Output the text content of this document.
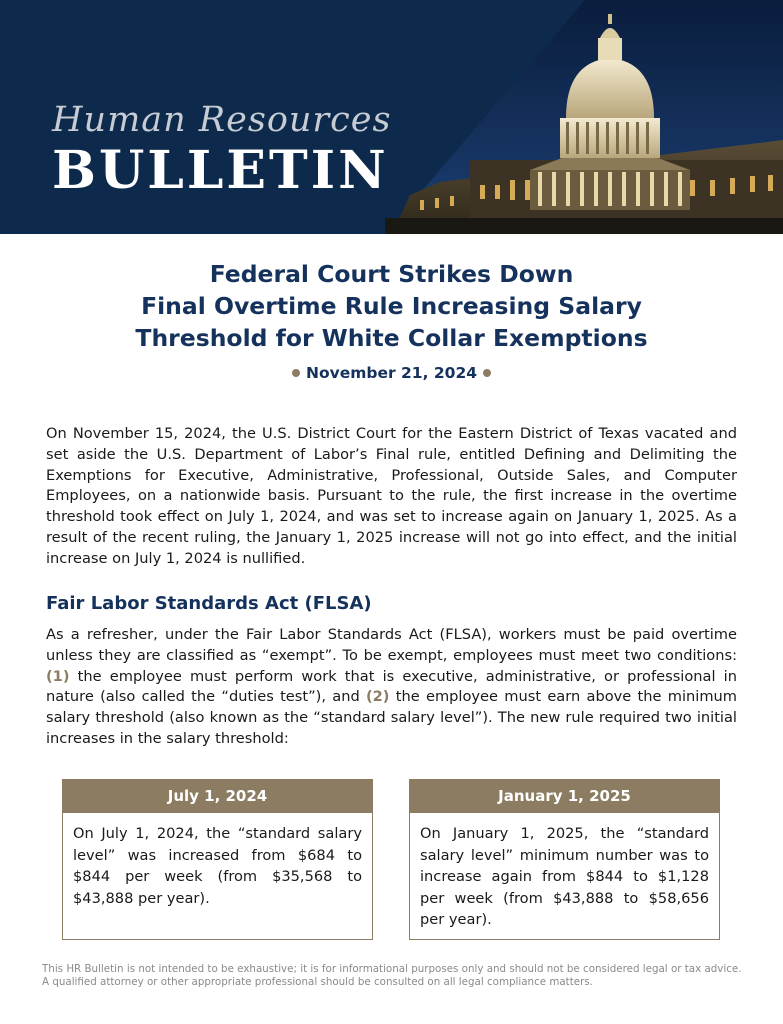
Human Resources
BULLETIN
Federal Court Strikes Down
Final Overtime Rule Increasing Salary
Threshold for White Collar Exemptions
November 21, 2024

On November 15, 2024, the U.S. District Court for the Eastern District of Texas vacated and set aside the U.S. Department of Labor’s Final rule, entitled Defining and Delimiting the Exemptions for Executive, Administrative, Professional, Outside Sales, and Computer Employees, on a nationwide basis. Pursuant to the rule, the first increase in the overtime threshold took effect on July 1, 2024, and was set to increase again on January 1, 2025. As a result of the recent ruling, the January 1, 2025 increase will not go into effect, and the initial increase on July 1, 2024 is nullified.

Fair Labor Standards Act (FLSA)

As a refresher, under the Fair Labor Standards Act (FLSA), workers must be paid overtime unless they are classified as “exempt”. To be exempt, employees must meet two conditions: (1) the employee must perform work that is executive, administrative, or professional in nature (also called the “duties test”), and (2) the employee must earn above the minimum salary threshold (also known as the “standard salary level”). The new rule required two initial increases in the salary threshold:

July 1, 2024
On July 1, 2024, the “standard salary level” was increased from $684 to $844 per week (from $35,568 to $43,888 per year).
January 1, 2025
On January 1, 2025, the “standard salary level” minimum number was to increase again from $844 to $1,128 per week (from $43,888 to $58,656 per year).
This HR Bulletin is not intended to be exhaustive; it is for informational purposes only and should not be considered legal or tax advice.
A qualified attorney or other appropriate professional should be consulted on all legal compliance matters.
